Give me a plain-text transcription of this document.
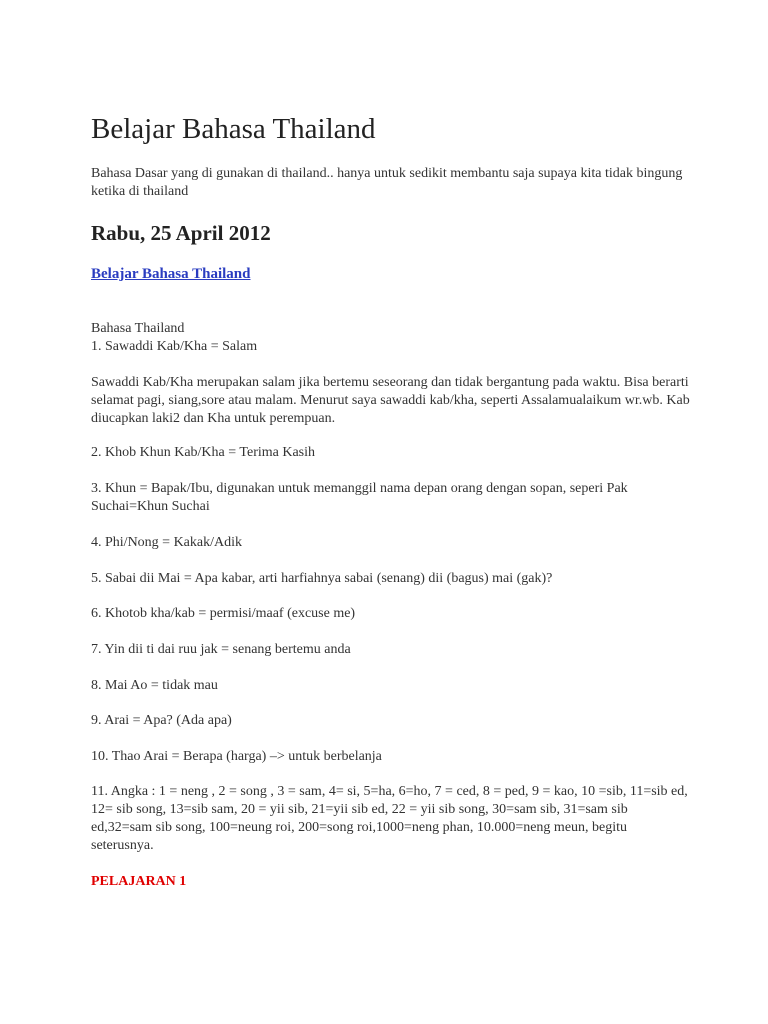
Belajar Bahasa Thailand

Bahasa Dasar yang di gunakan di thailand.. hanya untuk sedikit membantu saja supaya kita tidak bingung ketika di thailand

Rabu, 25 April 2012
Belajar Bahasa Thailand

Bahasa Thailand
1. Sawaddi Kab/Kha = Salam

Sawaddi Kab/Kha merupakan salam jika bertemu seseorang dan tidak bergantung pada waktu. Bisa berarti selamat pagi, siang,sore atau malam. Menurut saya sawaddi kab/kha, seperti Assalamualaikum wr.wb. Kab diucapkan laki2 dan Kha untuk perempuan.

2. Khob Khun Kab/Kha = Terima Kasih

3. Khun = Bapak/Ibu, digunakan untuk memanggil nama depan orang dengan sopan, seperi Pak Suchai=Khun Suchai

4. Phi/Nong = Kakak/Adik

5. Sabai dii Mai = Apa kabar, arti harfiahnya sabai (senang) dii (bagus) mai (gak)?

6. Khotob kha/kab = permisi/maaf (excuse me)

7. Yin dii ti dai ruu jak = senang bertemu anda

8. Mai Ao = tidak mau

9. Arai = Apa? (Ada apa)

10. Thao Arai = Berapa (harga) –> untuk berbelanja

11. Angka : 1 = neng , 2 = song , 3 = sam, 4= si, 5=ha, 6=ho, 7 = ced, 8 = ped, 9 = kao, 10 =sib, 11=sib ed, 12= sib song, 13=sib sam, 20 = yii sib, 21=yii sib ed, 22 = yii sib song, 30=sam sib, 31=sam sib ed,32=sam sib song, 100=neung roi, 200=song roi,1000=neng phan, 10.000=neng meun, begitu seterusnya.

PELAJARAN 1
